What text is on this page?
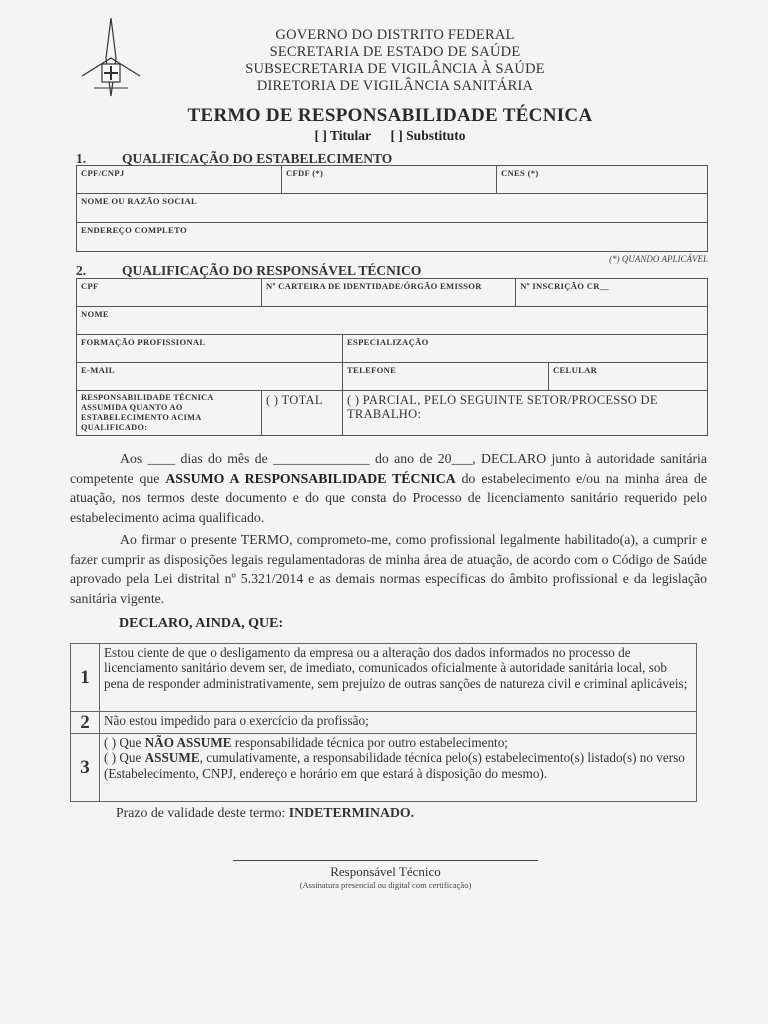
GOVERNO DO DISTRITO FEDERAL
SECRETARIA DE ESTADO DE SAÚDE
SUBSECRETARIA DE VIGILÂNCIA À SAÚDE
DIRETORIA DE VIGILÂNCIA SANITÁRIA
TERMO DE RESPONSABILIDADE TÉCNICA
[ ] Titular [ ] Substituto
1.	QUALIFICAÇÃO DO ESTABELECIMENTO
CPF/CNPJ	CFDF (*)	CNES (*)
NOME OU RAZÃO SOCIAL
ENDEREÇO COMPLETO
(*) QUANDO APLICÁVEL
2.	QUALIFICAÇÃO DO RESPONSÁVEL TÉCNICO
CPF	Nº CARTEIRA DE IDENTIDADE/ÓRGÃO EMISSOR		Nº INSCRIÇÃO CR__	
NOME				
FORMAÇÃO PROFISSIONAL		ESPECIALIZAÇÃO		
E-MAIL		TELEFONE		CELULAR
RESPONSABILIDADE TÉCNICA ASSUMIDA QUANTO AO ESTABELECIMENTO ACIMA QUALIFICADO:	( ) TOTAL	( ) PARCIAL, PELO SEGUINTE SETOR/PROCESSO DE TRABALHO:		
Aos ____ dias do mês de ______________ do ano de 20___, DECLARO junto à autoridade sanitária competente que ASSUMO A RESPONSABILIDADE TÉCNICA do estabelecimento e/ou na minha área de atuação, nos termos deste documento e do que consta do Processo de licenciamento sanitário requerido pelo estabelecimento acima qualificado.
Ao firmar o presente TERMO, comprometo-me, como profissional legalmente habilitado(a), a cumprir e fazer cumprir as disposições legais regulamentadoras de minha área de atuação, de acordo com o Código de Saúde aprovado pela Lei distrital nº 5.321/2014 e as demais normas específicas do âmbito profissional e da legislação sanitária vigente.
DECLARO, AINDA, QUE:
1	Estou ciente de que o desligamento da empresa ou a alteração dos dados informados no processo de licenciamento sanitário devem ser, de imediato, comunicados oficialmente à autoridade sanitária local, sob pena de responder administrativamente, sem prejuízo de outras sanções de natureza civil e criminal aplicáveis;
2	Não estou impedido para o exercício da profissão;
3	( ) Que NÃO ASSUME responsabilidade técnica por outro estabelecimento;
( ) Que ASSUME, cumulativamente, a responsabilidade técnica pelo(s) estabelecimento(s) listado(s) no verso (Estabelecimento, CNPJ, endereço e horário em que estará à disposição do mesmo).
Prazo de validade deste termo: INDETERMINADO.
Responsável Técnico
(Assinatura presencial ou digital com certificação)
